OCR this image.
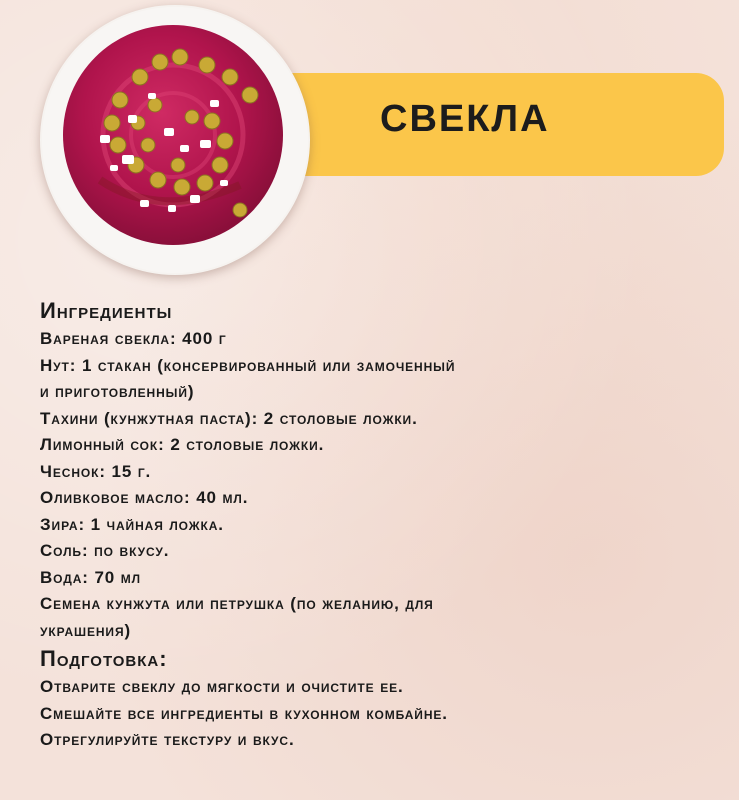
СВЕКЛА
Ингредиенты
Вареная свекла: 400 г
Нут: 1 стакан (консервированный или замоченный
и приготовленный)
Тахини (кунжутная паста): 2 столовые ложки.
Лимонный сок: 2 столовые ложки.
Чеснок: 15 г.
Оливковое масло: 40 мл.
Зира: 1 чайная ложка.
Соль: по вкусу.
Вода: 70 мл
Семена кунжута или петрушка (по желанию, для
украшения)
Подготовка:
Отварите свеклу до мягкости и очистите ее.
Смешайте все ингредиенты в кухонном комбайне.
Отрегулируйте текстуру и вкус.
